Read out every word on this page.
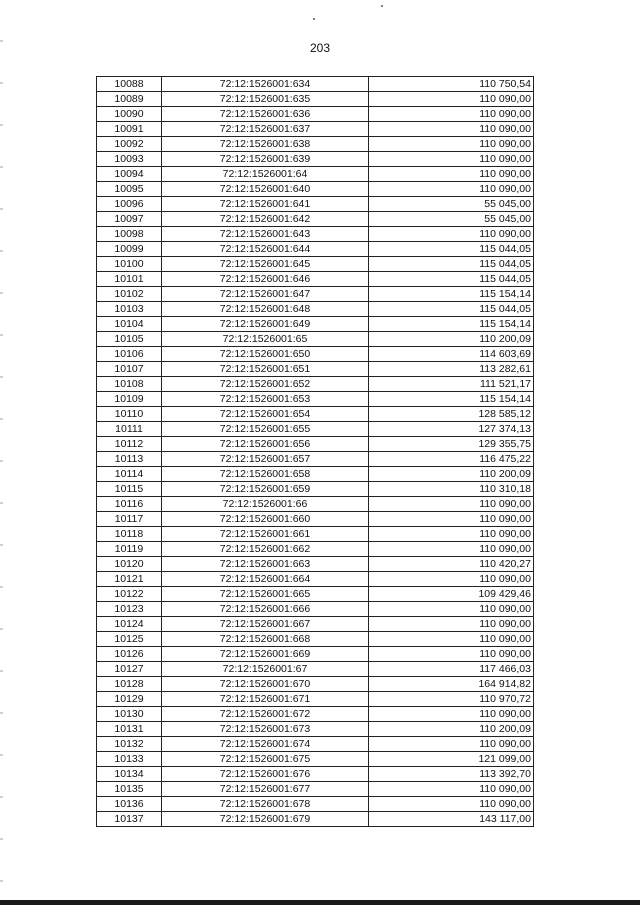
203
10088	72:12:1526001:634	110 750,54
10089	72:12:1526001:635	110 090,00
10090	72:12:1526001:636	110 090,00
10091	72:12:1526001:637	110 090,00
10092	72:12:1526001:638	110 090,00
10093	72:12:1526001:639	110 090,00
10094	72:12:1526001:64	110 090,00
10095	72:12:1526001:640	110 090,00
10096	72:12:1526001:641	55 045,00
10097	72:12:1526001:642	55 045,00
10098	72:12:1526001:643	110 090,00
10099	72:12:1526001:644	115 044,05
10100	72:12:1526001:645	115 044,05
10101	72:12:1526001:646	115 044,05
10102	72:12:1526001:647	115 154,14
10103	72:12:1526001:648	115 044,05
10104	72:12:1526001:649	115 154,14
10105	72:12:1526001:65	110 200,09
10106	72:12:1526001:650	114 603,69
10107	72:12:1526001:651	113 282,61
10108	72:12:1526001:652	111 521,17
10109	72:12:1526001:653	115 154,14
10110	72:12:1526001:654	128 585,12
10111	72:12:1526001:655	127 374,13
10112	72:12:1526001:656	129 355,75
10113	72:12:1526001:657	116 475,22
10114	72:12:1526001:658	110 200,09
10115	72:12:1526001:659	110 310,18
10116	72:12:1526001:66	110 090,00
10117	72:12:1526001:660	110 090,00
10118	72:12:1526001:661	110 090,00
10119	72:12:1526001:662	110 090,00
10120	72:12:1526001:663	110 420,27
10121	72:12:1526001:664	110 090,00
10122	72:12:1526001:665	109 429,46
10123	72:12:1526001:666	110 090,00
10124	72:12:1526001:667	110 090,00
10125	72:12:1526001:668	110 090,00
10126	72:12:1526001:669	110 090,00
10127	72:12:1526001:67	117 466,03
10128	72:12:1526001:670	164 914,82
10129	72:12:1526001:671	110 970,72
10130	72:12:1526001:672	110 090,00
10131	72:12:1526001:673	110 200,09
10132	72:12:1526001:674	110 090,00
10133	72:12:1526001:675	121 099,00
10134	72:12:1526001:676	113 392,70
10135	72:12:1526001:677	110 090,00
10136	72:12:1526001:678	110 090,00
10137	72:12:1526001:679	143 117,00
